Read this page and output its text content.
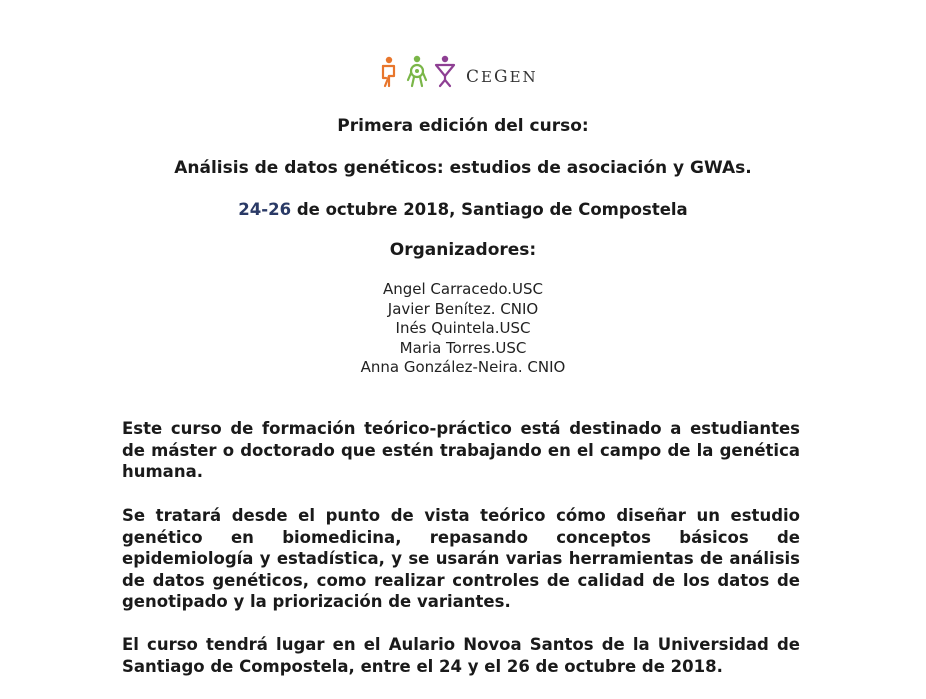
CEGEN
Primera edición del curso:
Análisis de datos genéticos: estudios de asociación y GWAs.
24-26 de octubre 2018, Santiago de Compostela
Organizadores:
Angel Carracedo.USC
Javier Benítez. CNIO
Inés Quintela.USC
Maria Torres.USC
Anna González-Neira. CNIO
Este curso de formación teórico-práctico está destinado a estudiantes de máster o doctorado que estén trabajando en el campo de la genética humana.
Se tratará desde el punto de vista teórico cómo diseñar un estudio genético en biomedicina, repasando conceptos básicos de epidemiología y estadística, y se usarán varias herramientas de análisis de datos genéticos, como realizar controles de calidad de los datos de genotipado y la priorización de variantes.
El curso tendrá lugar en el Aulario Novoa Santos de la Universidad de Santiago de Compostela, entre el 24 y el 26 de octubre de 2018.
